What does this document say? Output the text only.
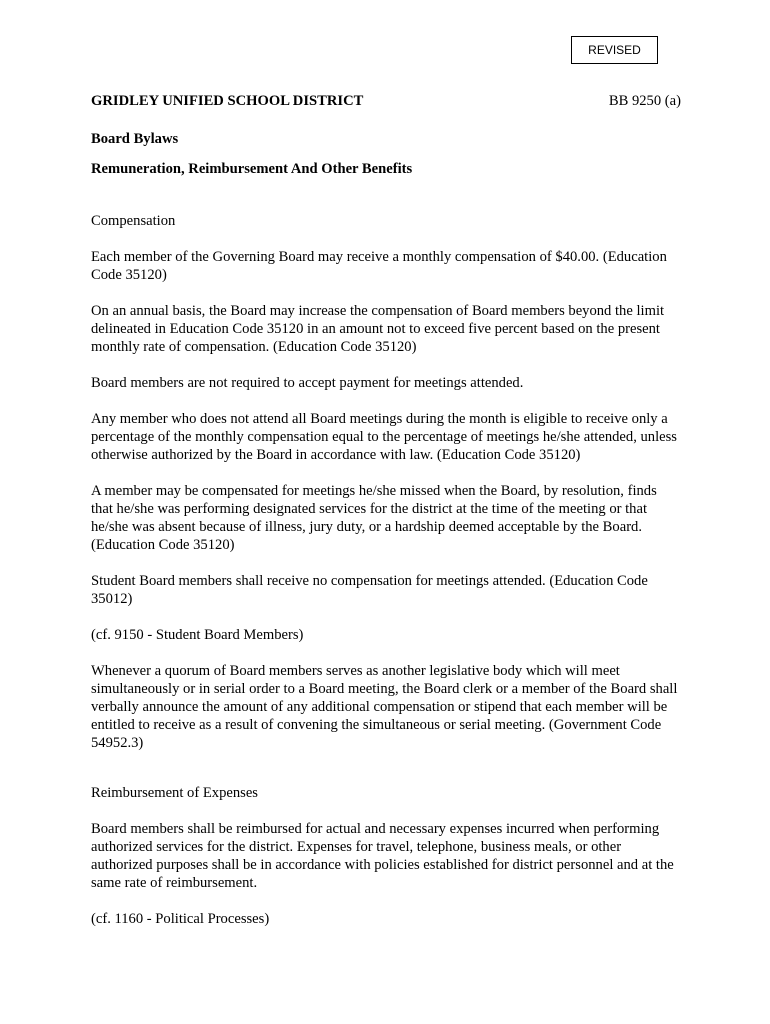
REVISED
GRIDLEY UNIFIED SCHOOL DISTRICT	BB 9250 (a)
Board Bylaws
Remuneration, Reimbursement And Other Benefits
Compensation

Each member of the Governing Board may receive a monthly compensation of $40.00. (Education Code 35120)

On an annual basis, the Board may increase the compensation of Board members beyond the limit delineated in Education Code 35120 in an amount not to exceed five percent based on the present monthly rate of compensation. (Education Code 35120)

Board members are not required to accept payment for meetings attended.

Any member who does not attend all Board meetings during the month is eligible to receive only a percentage of the monthly compensation equal to the percentage of meetings he/she attended, unless otherwise authorized by the Board in accordance with law. (Education Code 35120)

A member may be compensated for meetings he/she missed when the Board, by resolution, finds that he/she was performing designated services for the district at the time of the meeting or that he/she was absent because of illness, jury duty, or a hardship deemed acceptable by the Board. (Education Code 35120)

Student Board members shall receive no compensation for meetings attended. (Education Code 35012)

(cf. 9150 - Student Board Members)

Whenever a quorum of Board members serves as another legislative body which will meet simultaneously or in serial order to a Board meeting, the Board clerk or a member of the Board shall verbally announce the amount of any additional compensation or stipend that each member will be entitled to receive as a result of convening the simultaneous or serial meeting. (Government Code 54952.3)

Reimbursement of Expenses

Board members shall be reimbursed for actual and necessary expenses incurred when performing authorized services for the district. Expenses for travel, telephone, business meals, or other authorized purposes shall be in accordance with policies established for district personnel and at the same rate of reimbursement.

(cf. 1160 - Political Processes)
